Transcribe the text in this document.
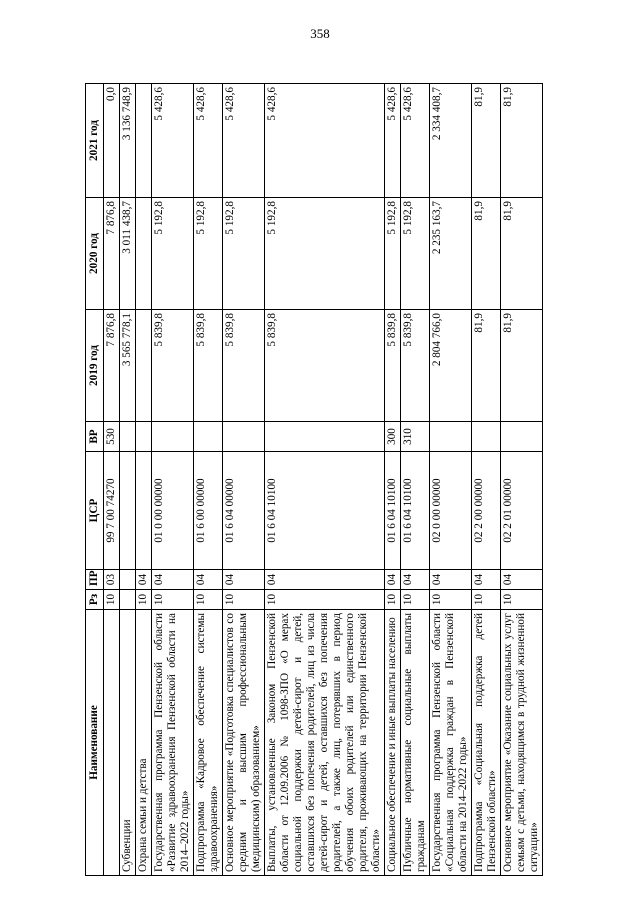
358
Наименование	Рз	ПР	ЦСР	ВР	2019 год	2020 год	2021 год
	10	03	99 7 00 74270	530	7 876,8	7 876,8	0,0
Субвенции					3 565 778,1	3 011 438,7	3 136 748,9
Охрана семьи и детства	10	04					
Государственная программа Пензенской области «Развитие здравоохранения Пензенской области на 2014–2022 годы»	10	04	01 0 00 00000		5 839,8	5 192,8	5 428,6
Подпрограмма «Кадровое обеспечение системы здравоохранения»	10	04	01 6 00 00000		5 839,8	5 192,8	5 428,6
Основное мероприятие «Подготовка специалистов со средним и высшим профессиональным (медицинским) образованием»	10	04	01 6 04 00000		5 839,8	5 192,8	5 428,6
Выплаты, установленные Законом Пензенской области от 12.09.2006 № 1098-ЗПО «О мерах социальной поддержки детей-сирот и детей, оставшихся без попечения родителей, лиц из числа детей-сирот и детей, оставшихся без попечения родителей, а также лиц, потерявших в период обучения обоих родителей или единственного родителя, проживающих на территории Пензенской области»	10	04	01 6 04 10100		5 839,8	5 192,8	5 428,6
Социальное обеспечение и иные выплаты населению	10	04	01 6 04 10100	300	5 839,8	5 192,8	5 428,6
Публичные нормативные социальные выплаты гражданам	10	04	01 6 04 10100	310	5 839,8	5 192,8	5 428,6
Государственная программа Пензенской области «Социальная поддержка граждан в Пензенской области на 2014–2022 годы»	10	04	02 0 00 00000		2 804 766,0	2 235 163,7	2 334 408,7
Подпрограмма «Социальная поддержка детей Пензенской области»	10	04	02 2 00 00000		81,9	81,9	81,9
Основное мероприятие «Оказание социальных услуг семьям с детьми, находящимся в трудной жизненной ситуации»	10	04	02 2 01 00000		81,9	81,9	81,9
